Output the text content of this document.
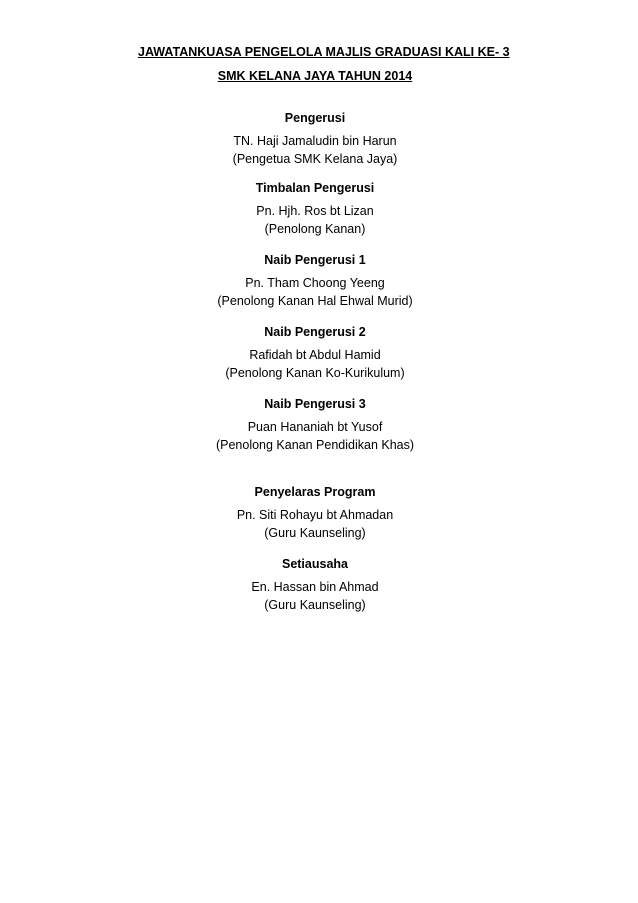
JAWATANKUASA PENGELOLA MAJLIS GRADUASI KALI KE- 3
SMK KELANA JAYA TAHUN 2014
Pengerusi
TN. Haji Jamaludin bin Harun
(Pengetua SMK Kelana Jaya)
Timbalan Pengerusi
Pn. Hjh. Ros bt Lizan
(Penolong Kanan)
Naib Pengerusi 1
Pn. Tham Choong Yeeng
(Penolong Kanan Hal Ehwal Murid)
Naib Pengerusi 2
Rafidah bt Abdul Hamid
(Penolong Kanan Ko-Kurikulum)
Naib Pengerusi 3
Puan Hananiah bt Yusof
(Penolong Kanan Pendidikan Khas)
Penyelaras Program
Pn. Siti Rohayu bt Ahmadan
(Guru Kaunseling)
Setiausaha
En. Hassan bin Ahmad
(Guru Kaunseling)
